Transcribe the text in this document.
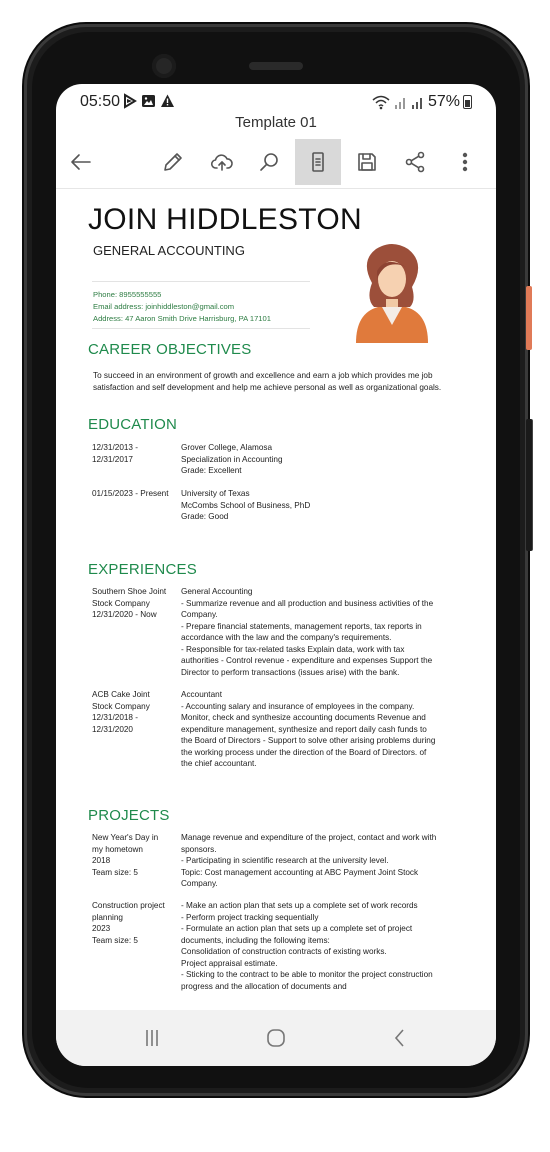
05:50	57%
Template 01
JOIN HIDDLESTON
GENERAL ACCOUNTING
Phone: 8955555555
Email address: joinhiddleston@gmail.com
Address: 47 Aaron Smith Drive Harrisburg, PA 17101
CAREER OBJECTIVES
To succeed in an environment of growth and excellence and earn a job which provides me job satisfaction and self development and help me achieve personal as well as organizational goals.
EDUCATION
12/31/2013 -
12/31/2017
Grover College, Alamosa
Specialization in Accounting
Grade: Excellent
01/15/2023 - Present	University of Texas
McCombs School of Business, PhD
Grade: Good
EXPERIENCES
Southern Shoe Joint
Stock Company
12/31/2020 - Now
General Accounting
- Summarize revenue and all production and business activities of the Company.
- Prepare financial statements, management reports, tax reports in accordance with the law and the company's requirements.
- Responsible for tax-related tasks Explain data, work with tax authorities - Control revenue - expenditure and expenses Support the Director to perform transactions (issues arise) with the bank.
ACB Cake Joint
Stock Company
12/31/2018 -
12/31/2020
Accountant
- Accounting salary and insurance of employees in the company. Monitor, check and synthesize accounting documents Revenue and expenditure management, synthesize and report daily cash funds to the Board of Directors - Support to solve other arising problems during the working process under the direction of the Board of Directors. of the chief accountant.
PROJECTS
New Year's Day in
my hometown
2018
Team size: 5
Manage revenue and expenditure of the project, contact and work with sponsors.
- Participating in scientific research at the university level.
Topic: Cost management accounting at ABC Payment Joint Stock Company.
Construction project
planning
2023
Team size: 5
- Make an action plan that sets up a complete set of work records
- Perform project tracking sequentially
- Formulate an action plan that sets up a complete set of project documents, including the following items:
Consolidation of construction contracts of existing works.
Project appraisal estimate.
- Sticking to the contract to be able to monitor the project construction progress and the allocation of documents and
